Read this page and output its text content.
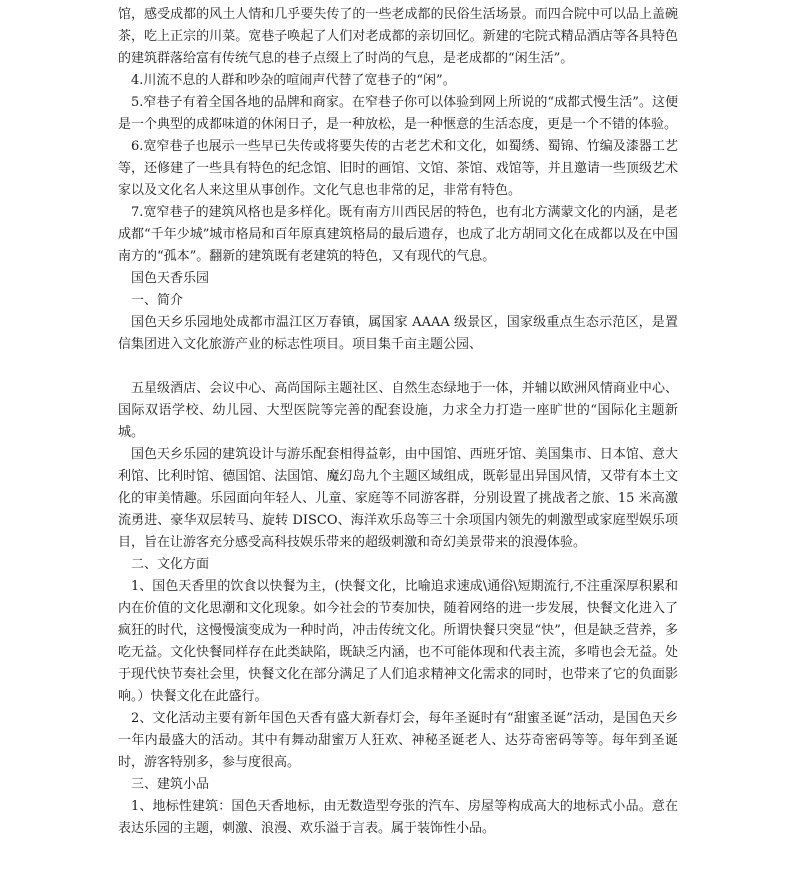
馆，感受成都的风土人情和几乎要失传了的一些老成都的民俗生活场景。而四合院中可以品上盖碗茶，吃上正宗的川菜。宽巷子唤起了人们对老成都的亲切回忆。新建的宅院式精品酒店等各具特色的建筑群落给富有传统气息的巷子点缀上了时尚的气息，是老成都的“闲生活”。

4.川流不息的人群和吵杂的喧闹声代替了宽巷子的“闲”。

5.窄巷子有着全国各地的品牌和商家。在窄巷子你可以体验到网上所说的“成都式慢生活”。这便是一个典型的成都味道的休闲日子，是一种放松，是一种惬意的生活态度，更是一个不错的体验。

6.宽窄巷子也展示一些早已失传或将要失传的古老艺术和文化，如蜀绣、蜀锦、竹编及漆器工艺等，还修建了一些具有特色的纪念馆、旧时的画馆、文馆、茶馆、戏馆等，并且邀请一些顶级艺术家以及文化名人来这里从事创作。文化气息也非常的足，非常有特色。

7.宽窄巷子的建筑风格也是多样化。既有南方川西民居的特色，也有北方满蒙文化的内涵，是老成都“千年少城”城市格局和百年原真建筑格局的最后遗存，也成了北方胡同文化在成都以及在中国南方的“孤本”。翻新的建筑既有老建筑的特色，又有现代的气息。

国色天香乐园

一、简介

国色天乡乐园地处成都市温江区万春镇，属国家 AAAA 级景区，国家级重点生态示范区，是置信集团进入文化旅游产业的标志性项目。项目集千亩主题公园、

五星级酒店、会议中心、高尚国际主题社区、自然生态绿地于一体，并辅以欧洲风情商业中心、国际双语学校、幼儿园、大型医院等完善的配套设施，力求全力打造一座旷世的“国际化主题新城。

国色天乡乐园的建筑设计与游乐配套相得益彰，由中国馆、西班牙馆、美国集市、日本馆、意大利馆、比利时馆、德国馆、法国馆、魔幻岛九个主题区域组成，既彰显出异国风情，又带有本土文化的审美情趣。乐园面向年轻人、儿童、家庭等不同游客群，分别设置了挑战者之旅、15 米高激流勇进、豪华双层转马、旋转 DISCO、海洋欢乐岛等三十余项国内领先的刺激型或家庭型娱乐项目，旨在让游客充分感受高科技娱乐带来的超级刺激和奇幻美景带来的浪漫体验。

二、文化方面

1、国色天香里的饮食以快餐为主，(快餐文化，比喻追求速成\通俗\短期流行,不注重深厚积累和内在价值的文化思潮和文化现象。如今社会的节奏加快，随着网络的进一步发展，快餐文化进入了疯狂的时代，这慢慢演变成为一种时尚，冲击传统文化。所谓快餐只突显“快”，但是缺乏营养，多吃无益。文化快餐同样存在此类缺陷，既缺乏内涵，也不可能体现和代表主流，多啃也会无益。处于现代快节奏社会里，快餐文化在部分满足了人们追求精神文化需求的同时，也带来了它的负面影响。）快餐文化在此盛行。

2、文化活动主要有新年国色天香有盛大新春灯会，每年圣诞时有“甜蜜圣诞”活动，是国色天乡一年内最盛大的活动。其中有舞动甜蜜万人狂欢、神秘圣诞老人、达芬奇密码等等。每年到圣诞时，游客特别多，参与度很高。

三、建筑小品

1、地标性建筑：国色天香地标，由无数造型夸张的汽车、房屋等构成高大的地标式小品。意在表达乐园的主题，刺激、浪漫、欢乐溢于言表。属于装饰性小品。
